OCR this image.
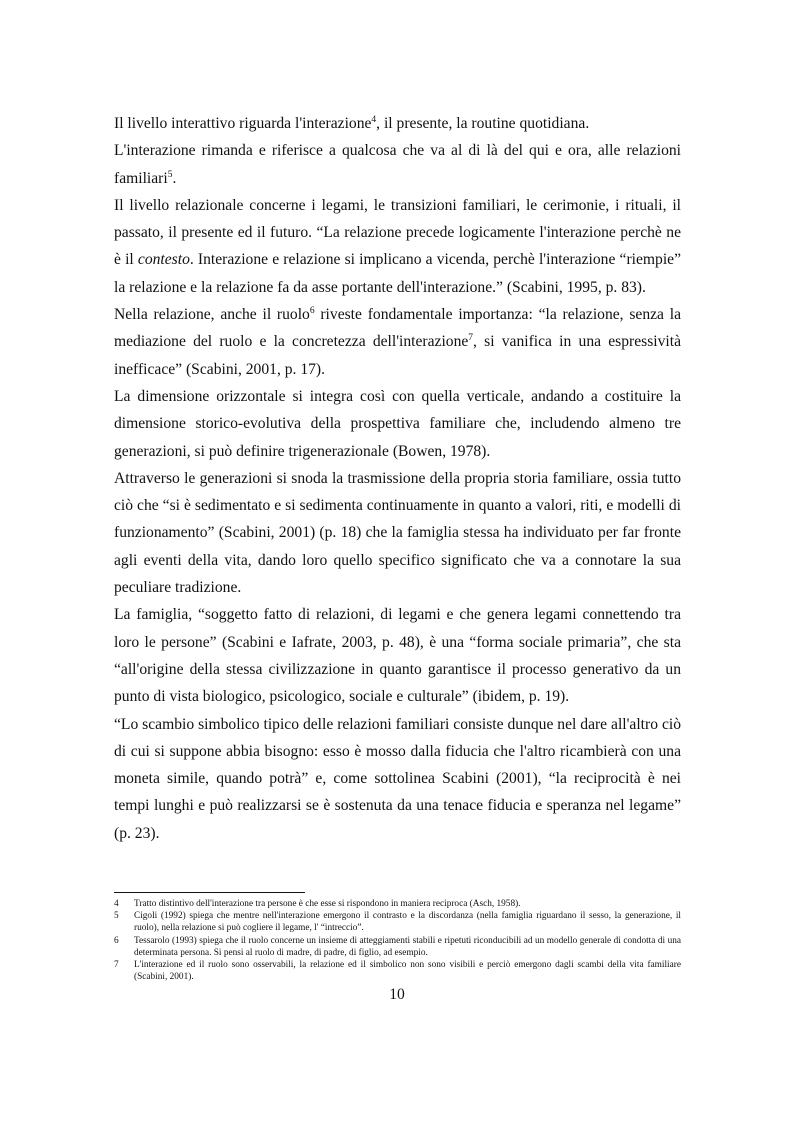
Il livello interattivo riguarda l'interazione$^4$, il presente, la routine quotidiana.

L'interazione rimanda e riferisce a qualcosa che va al di là del qui e ora, alle relazioni familiari$^5$.

Il livello relazionale concerne i legami, le transizioni familiari, le cerimonie, i rituali, il passato, il presente ed il futuro. “La relazione precede logicamente l'interazione perchè ne è il contesto. Interazione e relazione si implicano a vicenda, perchè l'interazione “riempie” la relazione e la relazione fa da asse portante dell'interazione.” (Scabini, 1995, p. 83).

Nella relazione, anche il ruolo$^6$ riveste fondamentale importanza: “la relazione, senza la mediazione del ruolo e la concretezza dell'interazione$^7$, si vanifica in una espressività inefficace” (Scabini, 2001, p. 17).

La dimensione orizzontale si integra così con quella verticale, andando a costituire la dimensione storico-evolutiva della prospettiva familiare che, includendo almeno tre generazioni, si può definire trigenerazionale (Bowen, 1978).

Attraverso le generazioni si snoda la trasmissione della propria storia familiare, ossia tutto ciò che “si è sedimentato e si sedimenta continuamente in quanto a valori, riti, e modelli di funzionamento” (Scabini, 2001) (p. 18) che la famiglia stessa ha individuato per far fronte agli eventi della vita, dando loro quello specifico significato che va a connotare la sua peculiare tradizione.

La famiglia, “soggetto fatto di relazioni, di legami e che genera legami connettendo tra loro le persone” (Scabini e Iafrate, 2003, p. 48), è una “forma sociale primaria”, che sta “all'origine della stessa civilizzazione in quanto garantisce il processo generativo da un punto di vista biologico, psicologico, sociale e culturale” (ibidem, p. 19).

“Lo scambio simbolico tipico delle relazioni familiari consiste dunque nel dare all'altro ciò di cui si suppone abbia bisogno: esso è mosso dalla fiducia che l'altro ricambierà con una moneta simile, quando potrà” e, come sottolinea Scabini (2001), “la reciprocità è nei tempi lunghi e può realizzarsi se è sostenuta da una tenace fiducia e speranza nel legame” (p. 23).

4	Tratto distintivo dell'interazione tra persone è che esse si rispondono in maniera reciproca (Asch, 1958).
5	Cigoli (1992) spiega che mentre nell'interazione emergono il contrasto e la discordanza (nella famiglia riguardano il sesso, la generazione, il ruolo), nella relazione si può cogliere il legame, l' “intreccio”.
6	Tessarolo (1993) spiega che il ruolo concerne un insieme di atteggiamenti stabili e ripetuti riconducibili ad un modello generale di condotta di una determinata persona. Si pensi al ruolo di madre, di padre, di figlio, ad esempio.
7	L'interazione ed il ruolo sono osservabili, la relazione ed il simbolico non sono visibili e perciò emergono dagli scambi della vita familiare (Scabini, 2001).
10
